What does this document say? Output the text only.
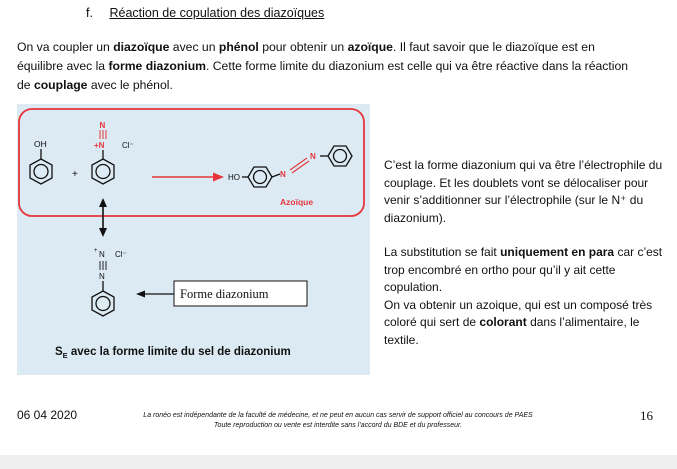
f. Réaction de copulation des diazoïques
On va coupler un diazoïque avec un phénol pour obtenir un azoïque. Il faut savoir que le diazoïque est en équilibre avec la forme diazonium. Cette forme limite du diazonium est celle qui va être réactive dans la réaction de couplage avec le phénol.
OH
+
N
+N Cl⁻
HO	N
N
Azoïque
+ N Cl⁻
N
Forme diazonium
$S_E$ avec la forme limite du sel de diazonium

C’est la forme diazonium qui va être l’électrophile du couplage. Et les doublets vont se délocaliser pour venir s’additionner sur l’électrophile (sur le N⁺ du diazonium).

La substitution se fait uniquement en para car c’est trop encombré en ortho pour qu’il y ait cette copulation.

On va obtenir un azoique, qui est un composé très coloré qui sert de colorant dans l’alimentaire, le textile.

06 04 2020	La ronéo est indépendante de la faculté de médecine, et ne peut en aucun cas servir de support officiel au concours de PAES
Toute reproduction ou vente est interdite sans l’accord du BDE et du professeur.
16
